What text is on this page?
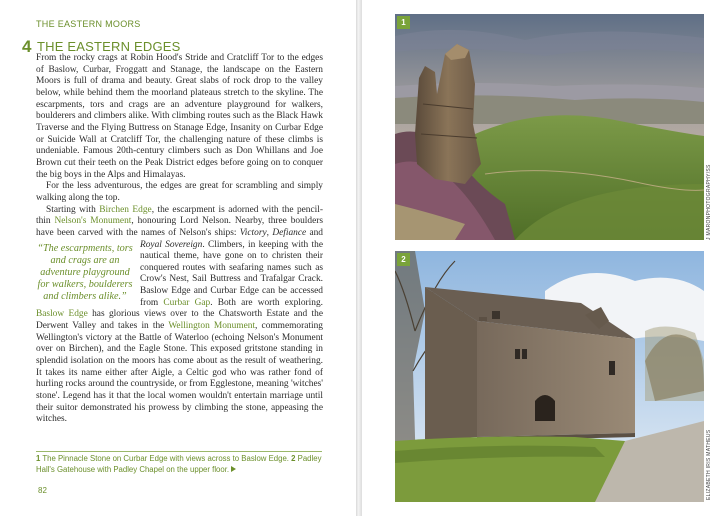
THE EASTERN MOORS
4 THE EASTERN EDGES

From the rocky crags at Robin Hood's Stride and Cratcliff Tor to the edges of Baslow, Curbar, Froggatt and Stanage, the landscape on the Eastern Moors is full of drama and beauty. Great slabs of rock drop to the valley below, while behind them the moorland plateaus stretch to the skyline. The escarpments, tors and crags are an adventure playground for walkers, boulderers and climbers alike. With climbing routes such as the Black Hawk Traverse and the Flying Buttress on Stanage Edge, Insanity on Curbar Edge or Suicide Wall at Cratcliff Tor, the challenging nature of these climbs is undeniable. Famous 20th-century climbers such as Don Whillans and Joe Brown cut their teeth on the Peak District edges before going on to conquer the big boys in the Alps and Himalayas.

For the less adventurous, the edges are great for scrambling and simply walking along the top.

Starting with Birchen Edge, the escarpment is adorned with the pencil-thin Nelson's Monument, honouring Lord Nelson. Nearby, three boulders have been carved with the names of Nelson's ships: Victory,
“The escarpments, tors and crags are an adventure playground for walkers, boulderers and climbers alike.”
Defiance and Royal Sovereign. Climbers, in keeping with the nautical theme, have gone on to christen their conquered routes with seafaring names such as Crow's Nest, Sail Buttress and Trafalgar Crack. Baslow Edge and Curbar Edge can be accessed from Curbar Gap. Both are worth exploring. Baslow Edge has glorious views over to the Chatsworth Estate and the Derwent Valley and takes in the Wellington Monument, commemorating Wellington's victory at the Battle of Waterloo (echoing Nelson's Monument over on Birchen), and the Eagle Stone. This exposed gritstone standing in splendid isolation on the moors has come about as the result of weathering. It takes its name either after Aigle, a Celtic god who was rather fond of hurling rocks around the countryside, or from Egglestone, meaning 'witches' stone'. Legend has it that the local women wouldn't entertain marriage until their suitor demonstrated his prowess by climbing the stone, appeasing the witches.

1 The Pinnacle Stone on Curbar Edge with views across to Baslow Edge. 2 Padley Hall's Gatehouse with Padley Chapel on the upper floor.
82
1
J MARONPHOTOGRAPHY/SS
2
ELIZABETH IRIS MATHEUS
